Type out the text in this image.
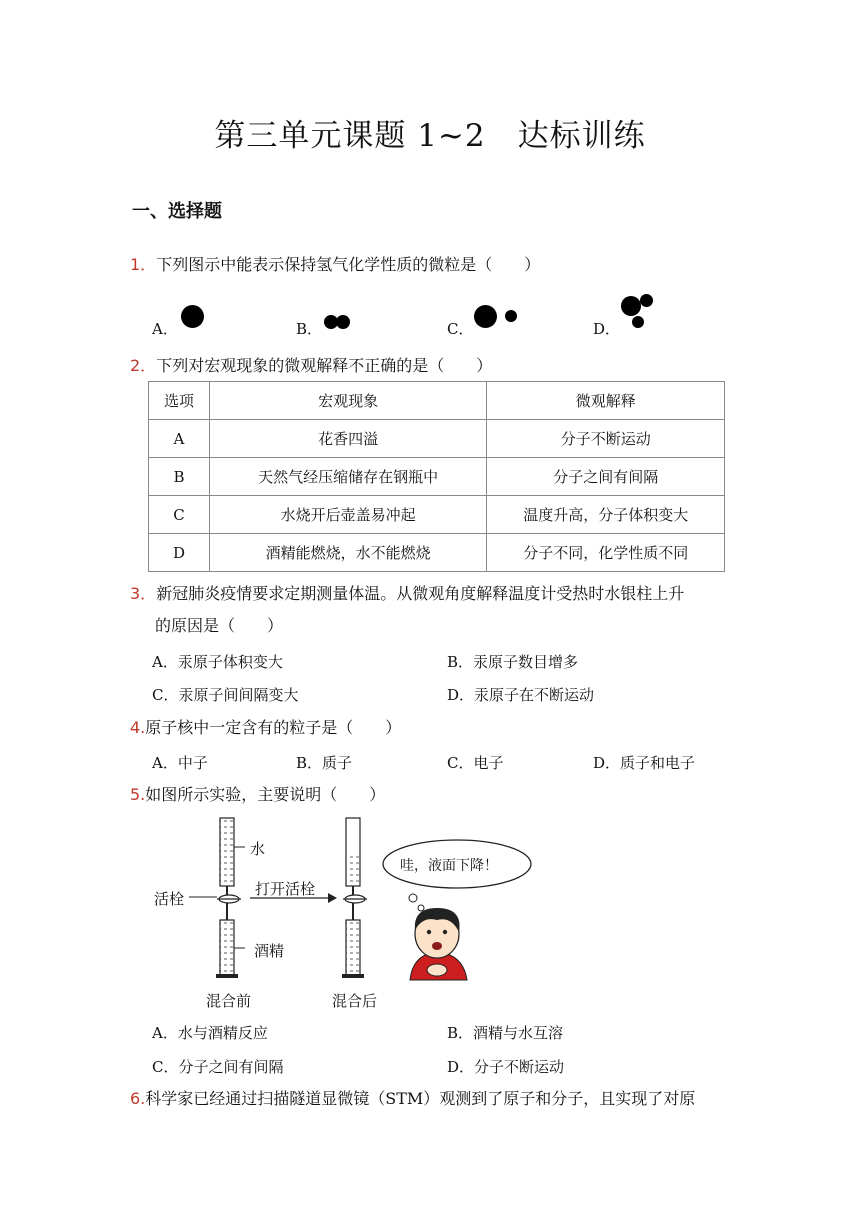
第三单元课题 1~2　达标训练
一、选择题
1．下列图示中能表示保持氢气化学性质的微粒是（　　）
A．	B．	C．	D．
2．下列对宏观现象的微观解释不正确的是（　　）
选项	宏观现象	微观解释
A	花香四溢	分子不断运动
B	天然气经压缩储存在钢瓶中	分子之间有间隔
C	水烧开后壶盖易冲起	温度升高，分子体积变大
D	酒精能燃烧，水不能燃烧	分子不同，化学性质不同
3．新冠肺炎疫情要求定期测量体温。从微观角度解释温度计受热时水银柱上升
的原因是（　　）
A．汞原子体积变大	B．汞原子数目增多
C．汞原子间间隔变大	D．汞原子在不断运动
4.原子核中一定含有的粒子是（　　）
A．中子	B．质子	C．电子	D．质子和电子
5.如图所示实验，主要说明（　　）
水
活栓
打开活栓
酒精
混合前	混合后
哇，液面下降！
A．水与酒精反应	B．酒精与水互溶
C．分子之间有间隔	D．分子不断运动
6.科学家已经通过扫描隧道显微镜（STM）观测到了原子和分子，且实现了对原
